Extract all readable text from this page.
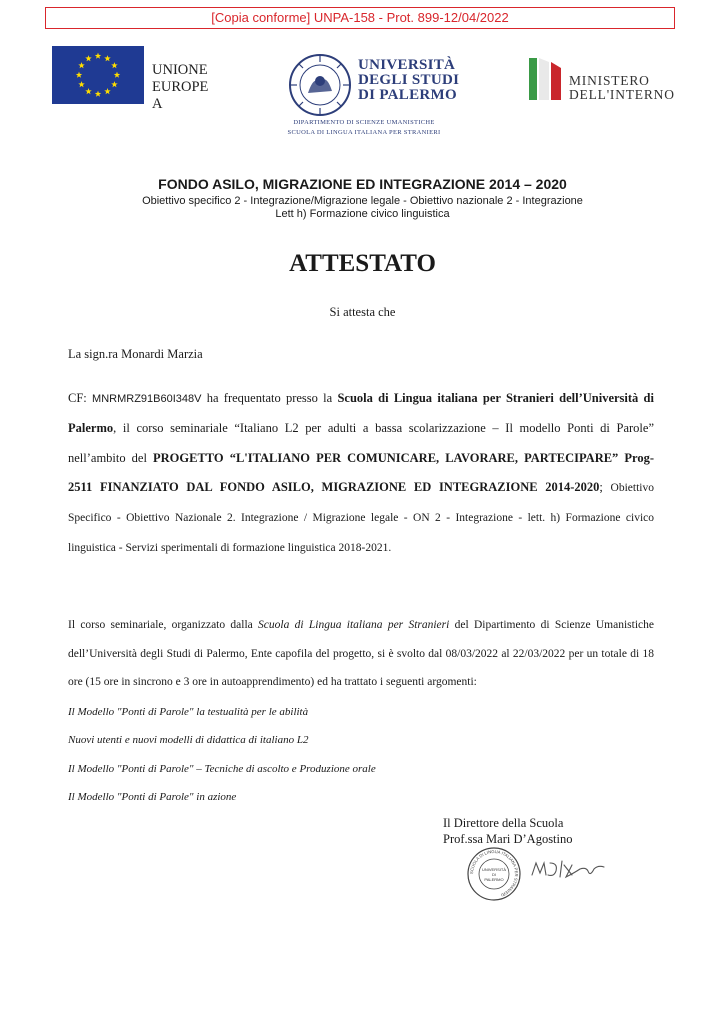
[Copia conforme] UNPA-158 - Prot. 899-12/04/2022
UNIONE
EUROPE
A
UNIVERSITÀ
DEGLI STUDI
DI PALERMO
DIPARTIMENTO DI SCIENZE UMANISTICHE
SCUOLA DI LINGUA ITALIANA PER STRANIERI
MINISTERO
DELL'INTERNO
FONDO ASILO, MIGRAZIONE ED INTEGRAZIONE 2014 – 2020
Obiettivo specifico 2 - Integrazione/Migrazione legale - Obiettivo nazionale 2 - Integrazione
Lett h) Formazione civico linguistica
ATTESTATO
Si attesta che
La sign.ra Monardi Marzia
CF: MNRMRZ91B60I348V ha frequentato presso la Scuola di Lingua italiana per Stranieri dell’Università di Palermo, il corso seminariale “Italiano L2 per adulti a bassa scolarizzazione – Il modello Ponti di Parole” nell’ambito del PROGETTO “L'ITALIANO PER COMUNICARE, LAVORARE, PARTECIPARE” Prog-2511 FINANZIATO DAL FONDO ASILO, MIGRAZIONE ED INTEGRAZIONE 2014-2020; Obiettivo Specifico - Obiettivo Nazionale 2. Integrazione / Migrazione legale - ON 2 - Integrazione - lett. h) Formazione civico linguistica - Servizi sperimentali di formazione linguistica 2018-2021.
Il corso seminariale, organizzato dalla Scuola di Lingua italiana per Stranieri del Dipartimento di Scienze Umanistiche dell’Università degli Studi di Palermo, Ente capofila del progetto, si è svolto dal 08/03/2022 al 22/03/2022 per un totale di 18 ore (15 ore in sincrono e 3 ore in autoapprendimento) ed ha trattato i seguenti argomenti:
Il Modello "Ponti di Parole" la testualità per le abilità
Nuovi utenti e nuovi modelli di didattica di italiano L2
Il Modello "Ponti di Parole" – Tecniche di ascolto e Produzione orale
Il Modello "Ponti di Parole" in azione
Il Direttore della Scuola
Prof.ssa Mari D’Agostino
SCUOLA DI LINGUA ITALIANA PER STRANIERI
UNIVERSITÀ
DI
PALERMO
